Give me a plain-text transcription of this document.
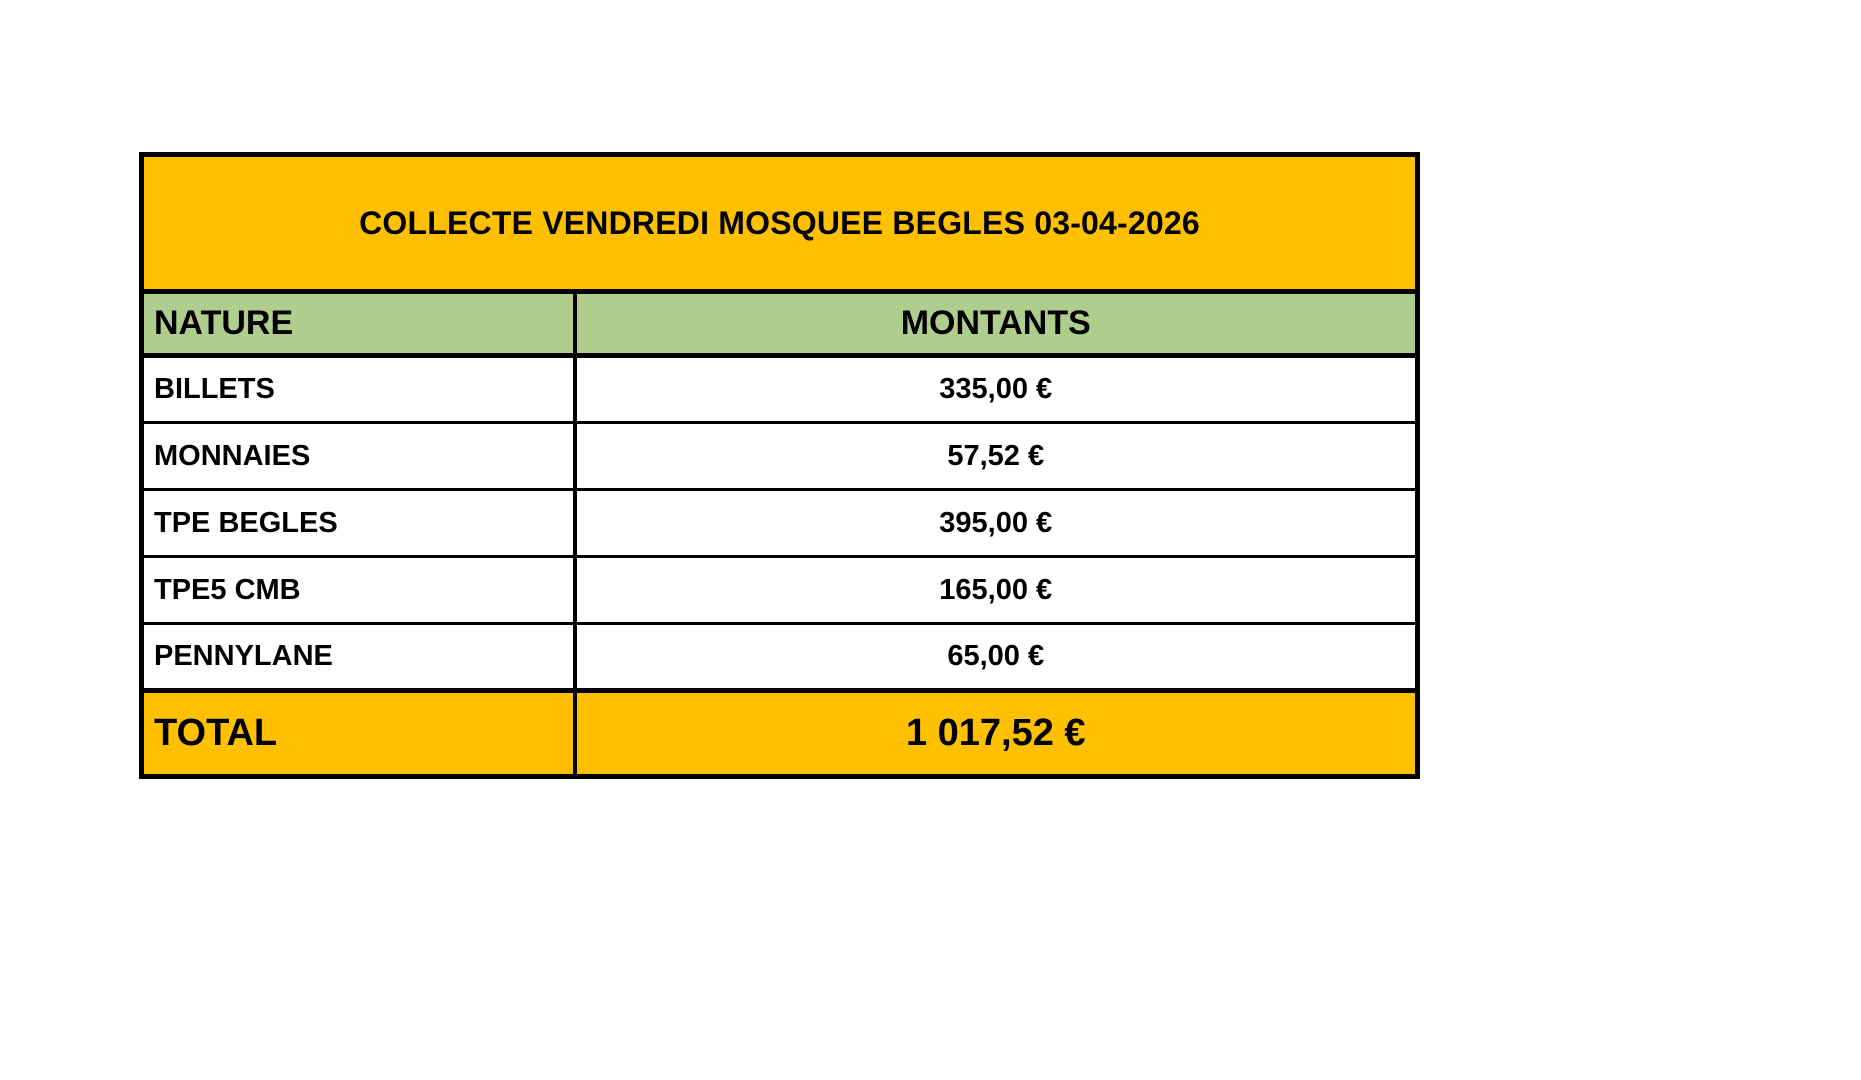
COLLECTE VENDREDI MOSQUEE BEGLES 03-04-2026	
NATURE	MONTANTS
BILLETS	335,00 €
MONNAIES	57,52 €
TPE BEGLES	395,00 €
TPE5 CMB	165,00 €
PENNYLANE	65,00 €
TOTAL	1 017,52 €
